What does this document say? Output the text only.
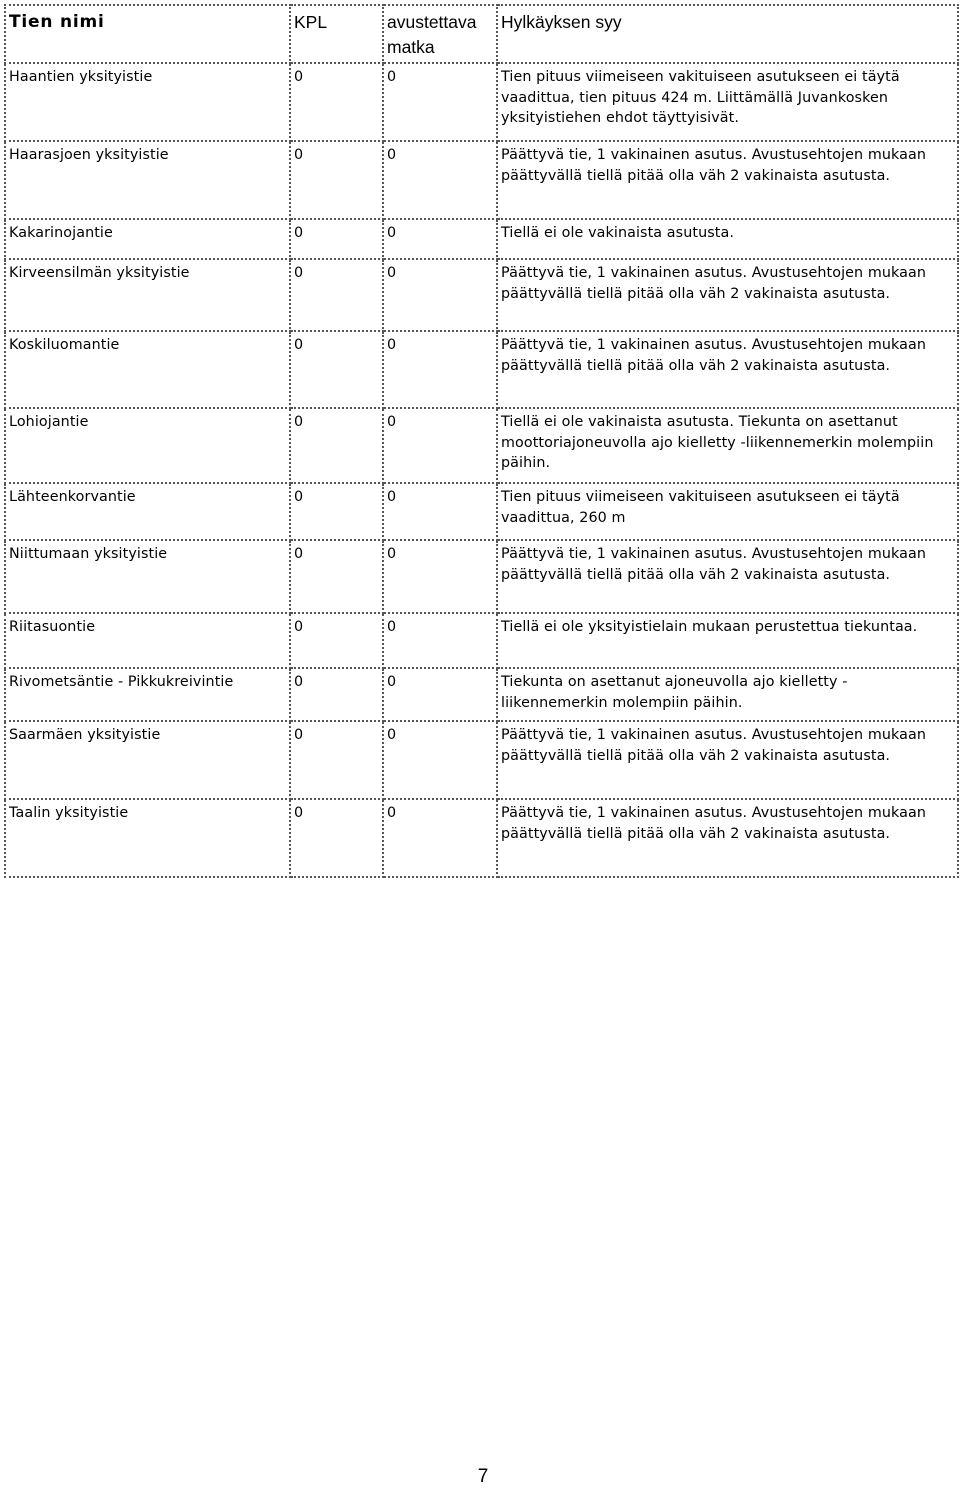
Tien nimi	KPL	avustettava matka	Hylkäyksen syy
Haantien yksityistie	0	0	Tien pituus viimeiseen vakituiseen asutukseen ei täytä vaadittua, tien pituus 424 m. Liittämällä Juvankosken yksityistiehen ehdot täyttyisivät.
Haarasjoen yksityistie	0	0	Päättyvä tie, 1 vakinainen asutus. Avustusehtojen mukaan päättyvällä tiellä pitää olla väh 2 vakinaista asutusta.
Kakarinojantie	0	0	Tiellä ei ole vakinaista asutusta.
Kirveensilmän yksityistie	0	0	Päättyvä tie, 1 vakinainen asutus. Avustusehtojen mukaan päättyvällä tiellä pitää olla väh 2 vakinaista asutusta.
Koskiluomantie	0	0	Päättyvä tie, 1 vakinainen asutus. Avustusehtojen mukaan päättyvällä tiellä pitää olla väh 2 vakinaista asutusta.
Lohiojantie	0	0	Tiellä ei ole vakinaista asutusta. Tiekunta on asettanut moottoriajoneuvolla ajo kielletty -liikennemerkin molempiin päihin.
Lähteenkorvantie	0	0	Tien pituus viimeiseen vakituiseen asutukseen ei täytä vaadittua, 260 m
Niittumaan yksityistie	0	0	Päättyvä tie, 1 vakinainen asutus. Avustusehtojen mukaan päättyvällä tiellä pitää olla väh 2 vakinaista asutusta.
Riitasuontie	0	0	Tiellä ei ole yksityistielain mukaan perustettua tiekuntaa.
Rivometsäntie - Pikkukreivintie	0	0	Tiekunta on asettanut ajoneuvolla ajo kielletty - liikennemerkin molempiin päihin.
Saarmäen yksityistie	0	0	Päättyvä tie, 1 vakinainen asutus. Avustusehtojen mukaan päättyvällä tiellä pitää olla väh 2 vakinaista asutusta.
Taalin yksityistie	0	0	Päättyvä tie, 1 vakinainen asutus. Avustusehtojen mukaan päättyvällä tiellä pitää olla väh 2 vakinaista asutusta.
7
